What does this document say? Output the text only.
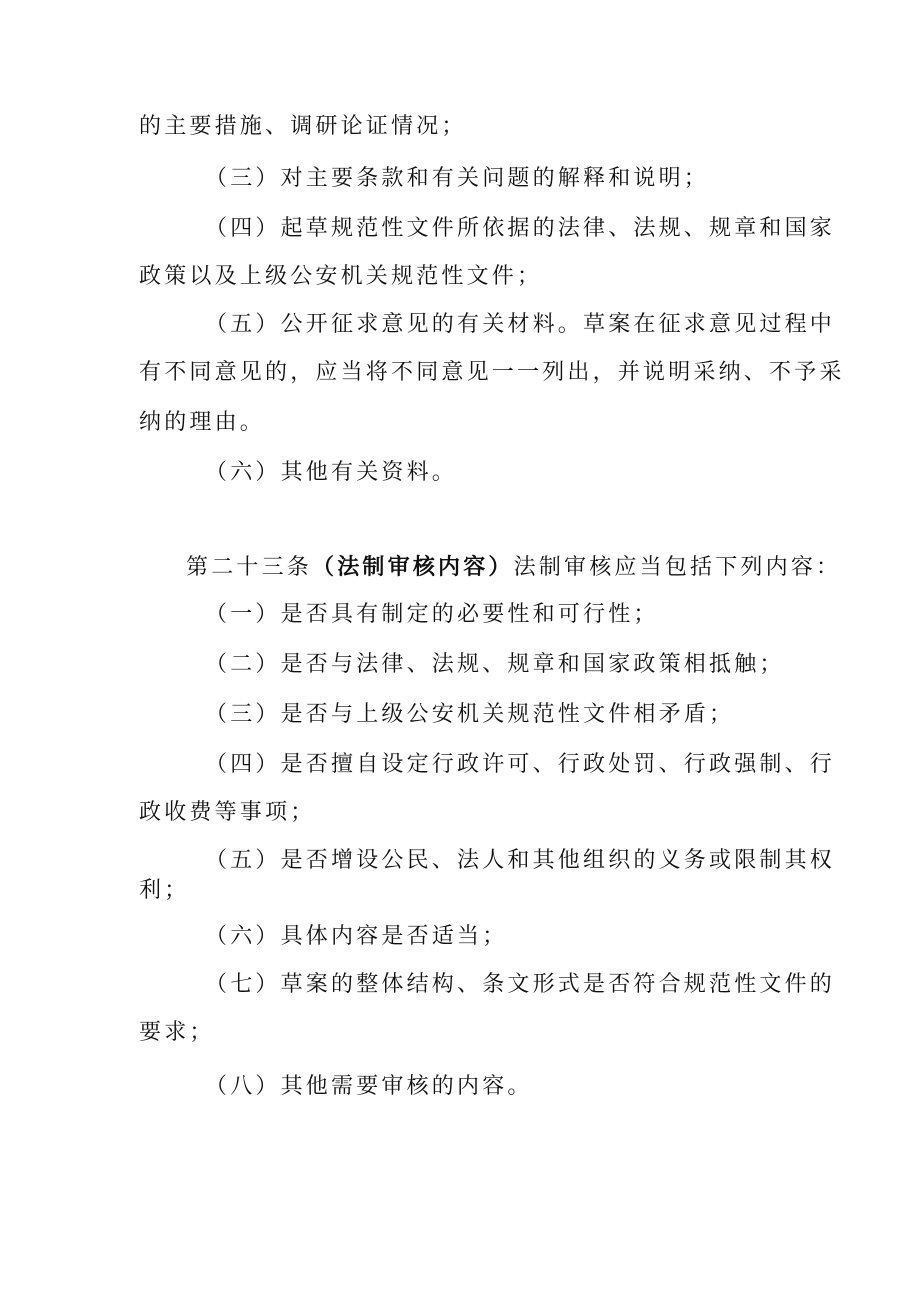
的主要措施、调研论证情况；
（三）对主要条款和有关问题的解释和说明；
（四）起草规范性文件所依据的法律、法规、规章和国家
政策以及上级公安机关规范性文件；
（五）公开征求意见的有关材料。草案在征求意见过程中
有不同意见的，应当将不同意见一一列出，并说明采纳、不予采
纳的理由。
（六）其他有关资料。
第二十三条（法制审核内容）法制审核应当包括下列内容：
（一）是否具有制定的必要性和可行性；
（二）是否与法律、法规、规章和国家政策相抵触；
（三）是否与上级公安机关规范性文件相矛盾；
（四）是否擅自设定行政许可、行政处罚、行政强制、行
政收费等事项；
（五）是否增设公民、法人和其他组织的义务或限制其权
利；
（六）具体内容是否适当；
（七）草案的整体结构、条文形式是否符合规范性文件的
要求；
（八）其他需要审核的内容。
